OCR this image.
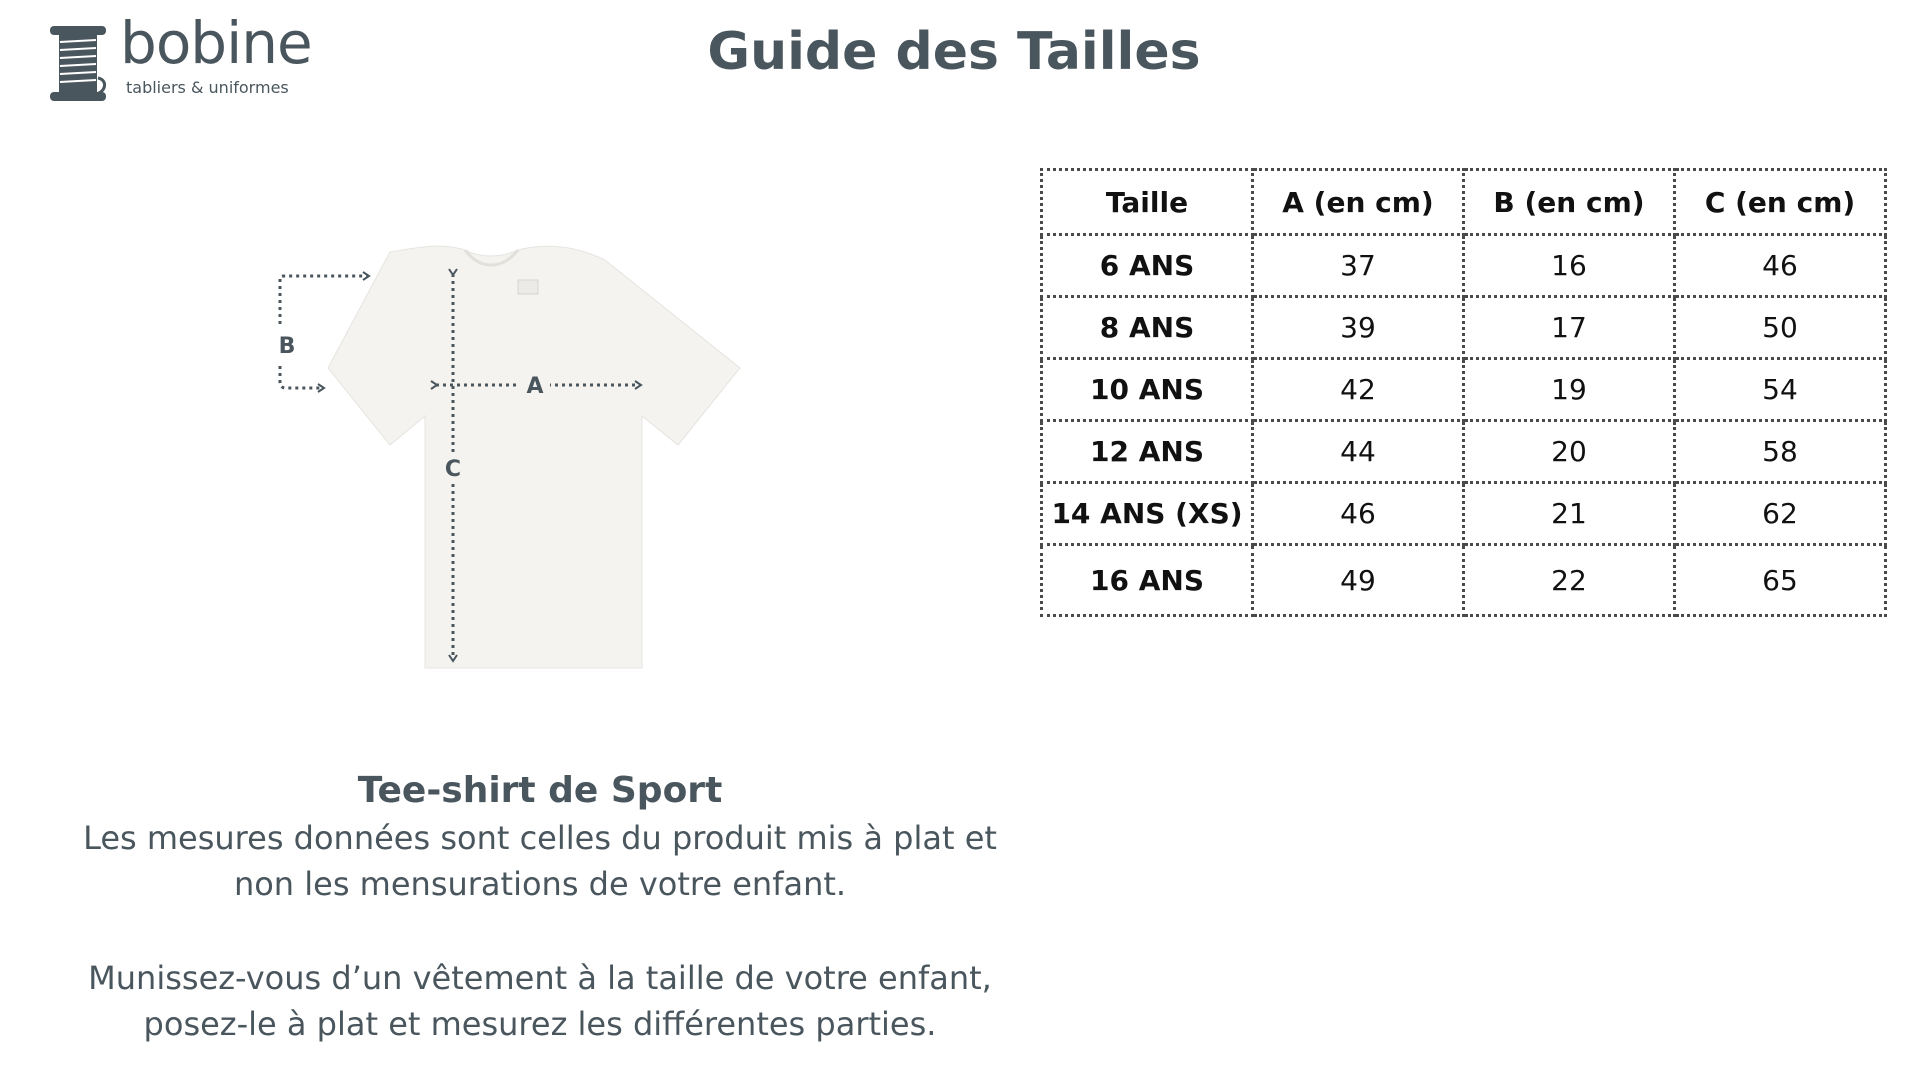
bobine
tabliers & uniformes
Guide des Tailles
C
A
B
Tee-shirt de Sport

Les mesures données sont celles du produit mis à plat et
non les mensurations de votre enfant.

Munissez-vous d’un vêtement à la taille de votre enfant,
posez-le à plat et mesurez les différentes parties.

Taille	A (en cm)	B (en cm)	C (en cm)
6 ANS	37	16	46
8 ANS	39	17	50
10 ANS	42	19	54
12 ANS	44	20	58
14 ANS (XS)	46	21	62
16 ANS	49	22	65
